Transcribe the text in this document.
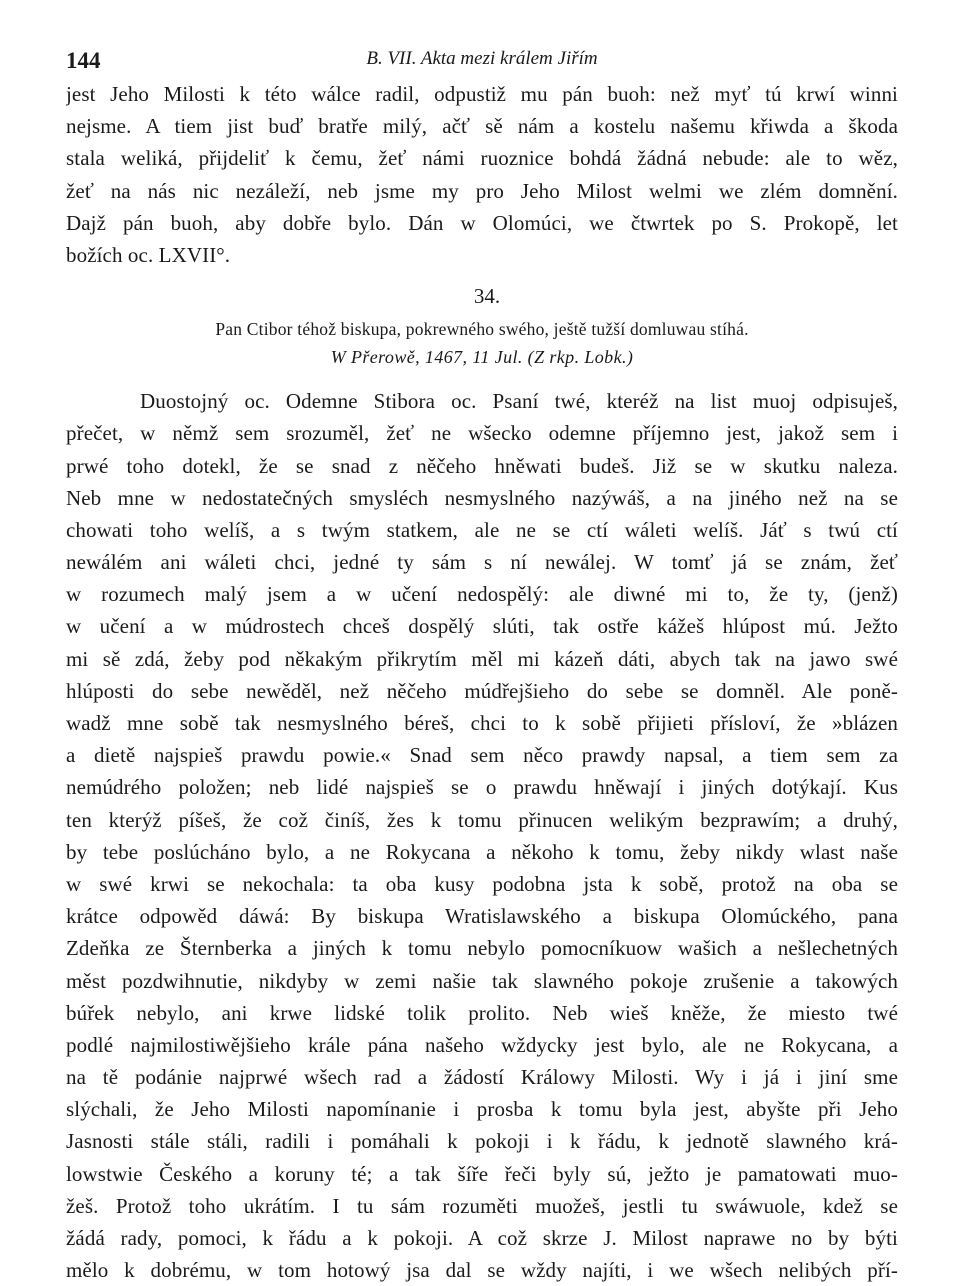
144	B. VII. Akta mezi králem Jiřím
jest Jeho Milosti k této wálce radil, odpustiž mu pán buoh: než myť tú krwí winni
nejsme. A tiem jist buď bratře milý, ačť sě nám a kostelu našemu křiwda a škoda
stala weliká, přijdeliť k čemu, žeť námi ruoznice bohdá žádná nebude: ale to wěz,
žeť na nás nic nezáleží, neb jsme my pro Jeho Milost welmi we zlém domnění.
Dajž pán buoh, aby dobře bylo. Dán w Olomúci, we čtwrtek po S. Prokopě, let
božích oc. LXVII°.
34.
Pan Ctibor téhož biskupa, pokrewného swého, ještě tužší domluwau stíhá.
W Přerowě, 1467, 11 Jul. (Z rkp. Lobk.)
Duostojný oc. Odemne Stibora oc. Psaní twé, kteréž na list muoj odpisuješ,
přečet, w němž sem srozuměl, žeť ne wšecko odemne příjemno jest, jakož sem i
prwé toho dotekl, že se snad z něčeho hněwati budeš. Již se w skutku naleza.
Neb mne w nedostatečných smysléch nesmyslného nazýwáš, a na jiného než na se
chowati toho welíš, a s twým statkem, ale ne se ctí wáleti welíš. Jáť s twú ctí
newálém ani wáleti chci, jedné ty sám s ní newálej. W tomť já se znám, žeť
w rozumech malý jsem a w učení nedospělý: ale diwné mi to, že ty, (jenž)
w učení a w múdrostech chceš dospělý slúti, tak ostře kážeš hlúpost mú. Ježto
mi sě zdá, žeby pod někakým přikrytím měl mi kázeň dáti, abych tak na jawo swé
hlúposti do sebe newěděl, než něčeho múdřejšieho do sebe se domněl. Ale poně-
wadž mne sobě tak nesmyslného béreš, chci to k sobě přijieti přísloví, že »blázen
a dietě najspieš prawdu powie.« Snad sem něco prawdy napsal, a tiem sem za
nemúdrého položen; neb lidé najspieš se o prawdu hněwají i jiných dotýkají. Kus
ten kterýž píšeš, že což činíš, žes k tomu přinucen welikým bezprawím; a druhý,
by tebe poslúcháno bylo, a ne Rokycana a někoho k tomu, žeby nikdy wlast naše
w swé krwi se nekochala: ta oba kusy podobna jsta k sobě, protož na oba se
krátce odpowěd dáwá: By biskupa Wratislawského a biskupa Olomúckého, pana
Zdeňka ze Šternberka a jiných k tomu nebylo pomocníkuow wašich a nešlechetných
měst pozdwihnutie, nikdyby w zemi našie tak slawného pokoje zrušenie a takowých
búřek nebylo, ani krwe lidské tolik prolito. Neb wieš kněže, že miesto twé
podlé najmilostiwějšieho krále pána našeho wždycky jest bylo, ale ne Rokycana, a
na tě podánie najprwé wšech rad a žádostí Králowy Milosti. Wy i já i jiní sme
slýchali, že Jeho Milosti napomínanie i prosba k tomu byla jest, abyšte při Jeho
Jasnosti stále stáli, radili i pomáhali k pokoji i k řádu, k jednotě slawného krá-
lowstwie Českého a koruny té; a tak šíře řeči byly sú, ježto je pamatowati muo-
žeš. Protož toho ukrátím. I tu sám rozuměti muožeš, jestli tu swáwuole, kdež se
žádá rady, pomoci, k řádu a k pokoji. A což skrze J. Milost naprawe no by býti
mělo k dobrému, w tom hotowý jsa dal se wždy najíti, i we wšech nelibých pří-
